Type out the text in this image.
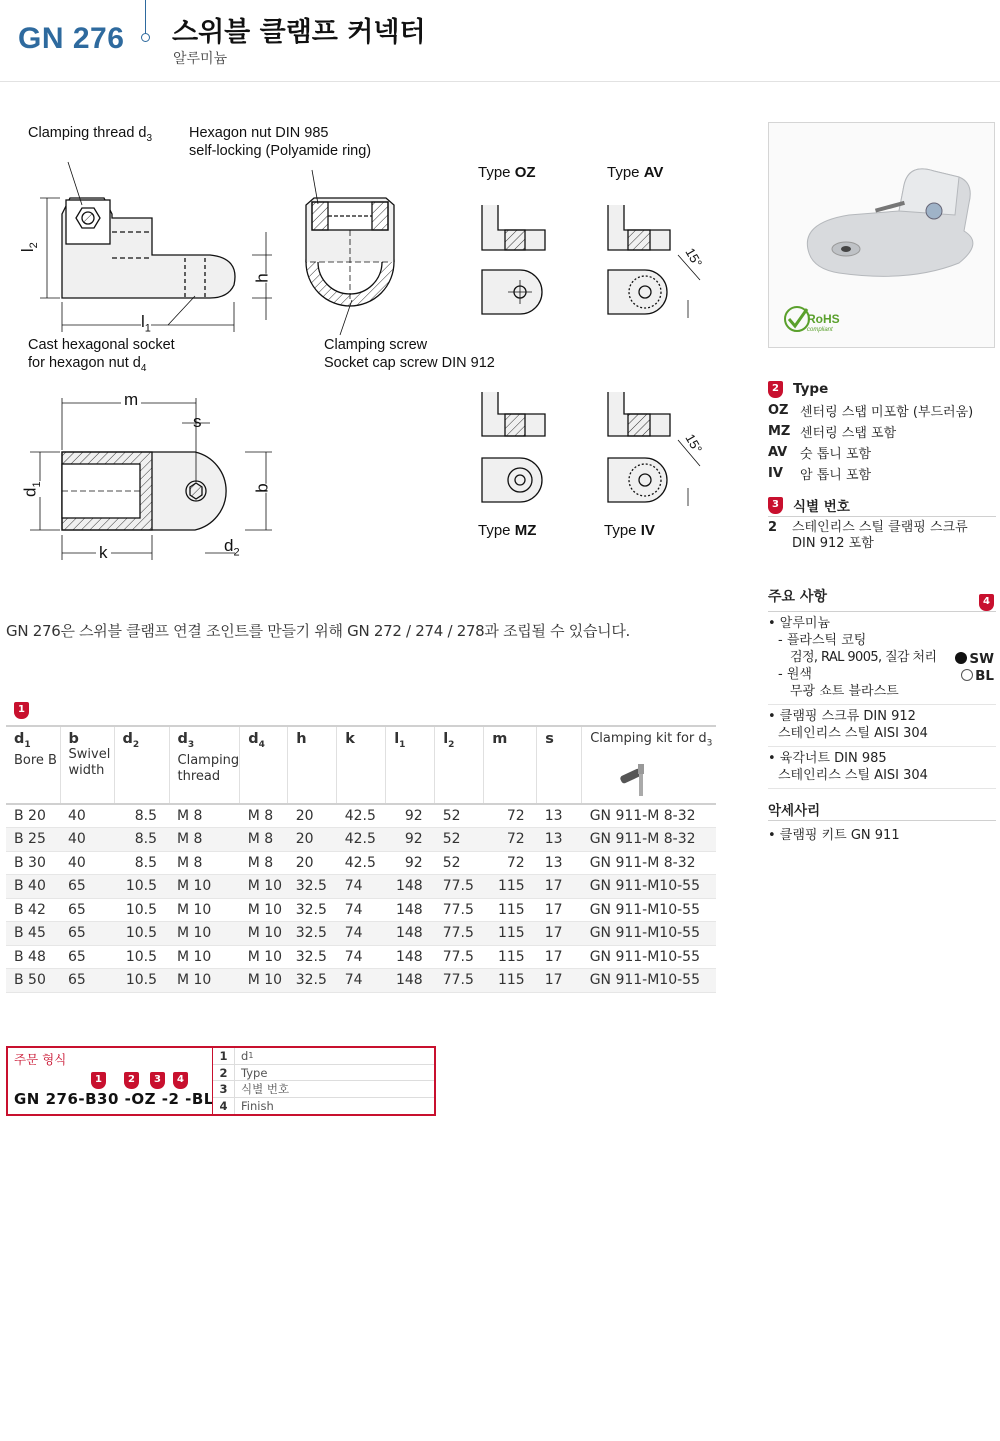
GN 276 스위블 클램프 커넥터
알루미늄
Clamping thread $d_3$	Hexagon nut DIN 985
self-locking (Polyamide ring)
Cast hexagonal socket
for hexagon nut $d_4$
Clamping screw
Socket cap screw DIN 912
Type OZ	Type AV
Type MZ	Type IV
15°
15°
$l_2$
$l_1$
h
m
s
$d_1$	b
k	$d_2$
RoHS
compliant
2 Type
OZ 센터링 스탭 미포함 (부드러움)
MZ 센터링 스탭 포함
AV 숫 톱니 포함
IV	암 톱니 포함
3 식별 번호
2	스테인리스 스틸 클램핑 스크류
DIN 912 포함
주요 사항	4
• 알루미늄
- 플라스틱 코팅
검정, RAL 9005, 질감 처리	SW
- 원색	BL
무광 쇼트 블라스트
• 클램핑 스크류 DIN 912
스테인리스 스틸 AISI 304
• 육각너트 DIN 985
스테인리스 스틸 AISI 304
악세사리
• 클램핑 키트 GN 911
GN 276은 스위블 클램프 연결 조인트를 만들기 위해 GN 272 / 274 / 278과 조립될 수 있습니다.
1
$d_1$
Bore B	b
Swivel width	$d_2$	$d_3$
Clamping thread	$d_4$	h	k	$l_1$	$l_2$	m	s	Clamping kit for $d_3$

B 20	40	8.5	M 8	M 8	20	42.5	92	52	72	13	GN 911-M 8-32
B 25	40	8.5	M 8	M 8	20	42.5	92	52	72	13	GN 911-M 8-32
B 30	40	8.5	M 8	M 8	20	42.5	92	52	72	13	GN 911-M 8-32
B 40	65	10.5	M 10	M 10	32.5	74	148	77.5	115	17	GN 911-M10-55
B 42	65	10.5	M 10	M 10	32.5	74	148	77.5	115	17	GN 911-M10-55
B 45	65	10.5	M 10	M 10	32.5	74	148	77.5	115	17	GN 911-M10-55
B 48	65	10.5	M 10	M 10	32.5	74	148	77.5	115	17	GN 911-M10-55
B 50	65	10.5	M 10	M 10	32.5	74	148	77.5	115	17	GN 911-M10-55
주문 형식
1	2	3	4
GN 276-B30 -OZ -2 -BL
1	d 1
2	Type
3	식별 번호
4	Finish
